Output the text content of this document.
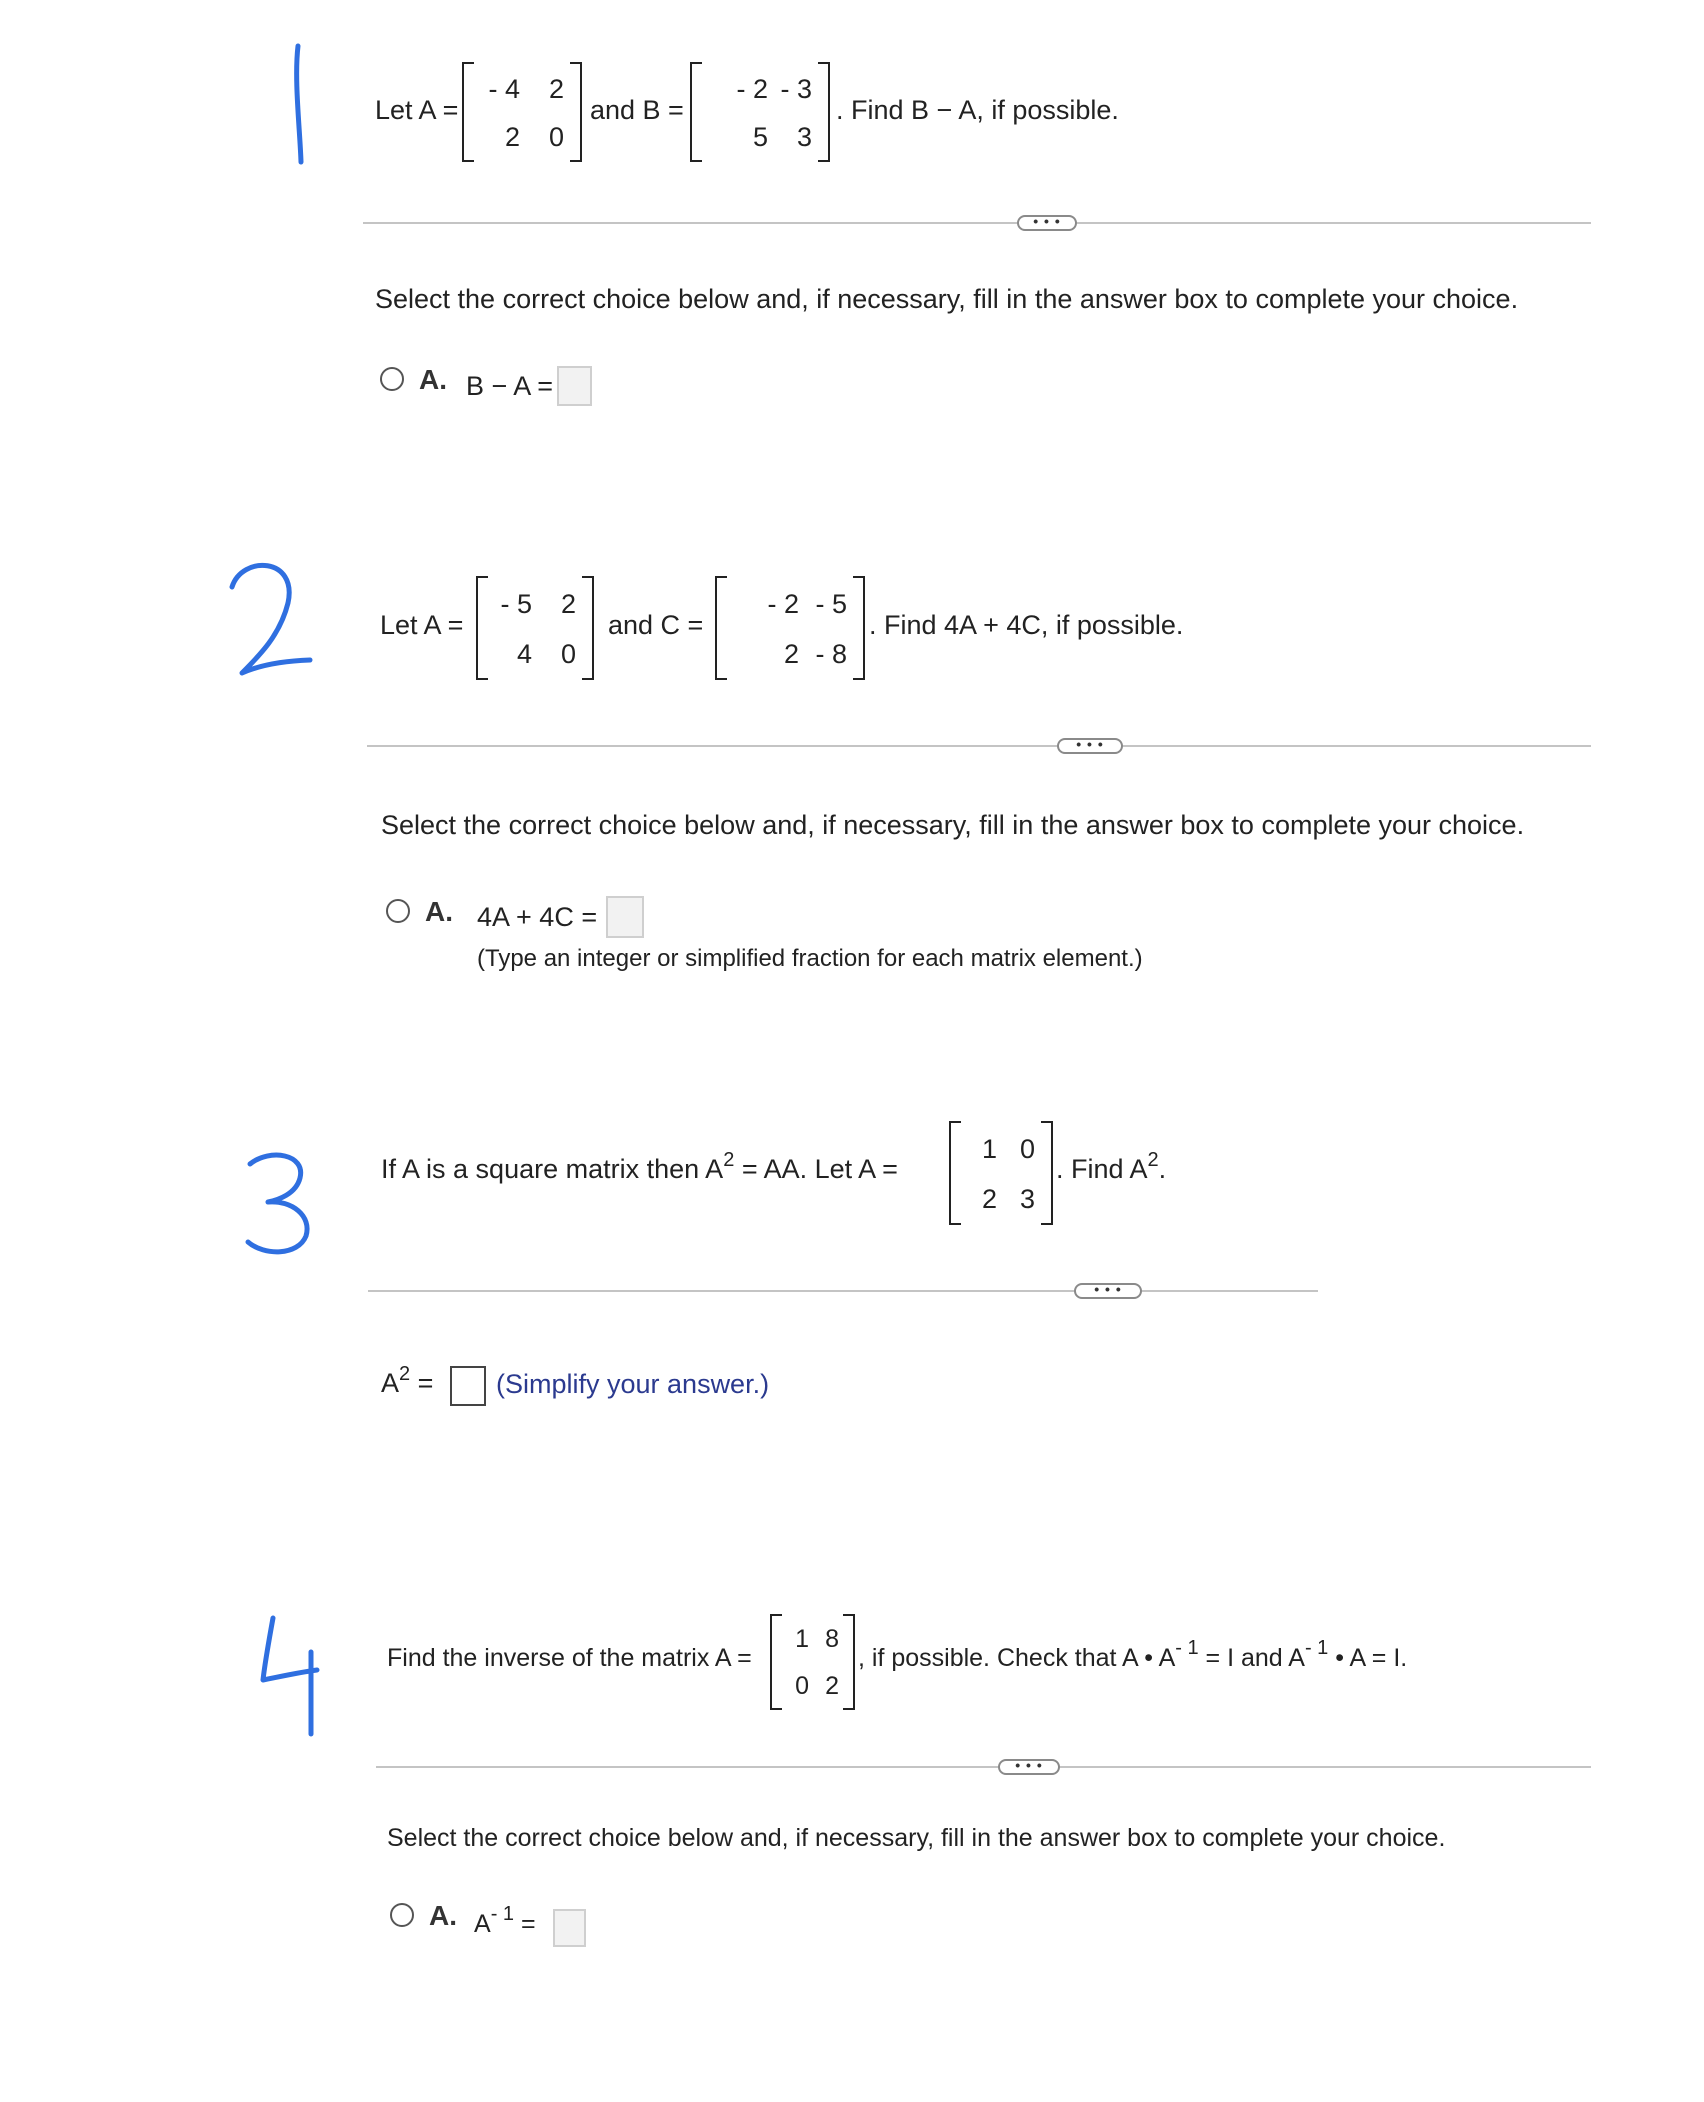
Let A =
- 4 2
2 0
and B =
- 2 - 3
5 3
. Find B − A, if possible.
• • •
Select the correct choice below and, if necessary, fill in the answer box to complete your choice.
A. B − A =
Let A =
- 5 2
4 0
and C =
- 2 - 5
2 - 8
. Find 4A + 4C, if possible.
• • •
Select the correct choice below and, if necessary, fill in the answer box to complete your choice.
A. 4A + 4C =
(Type an integer or simplified fraction for each matrix element.)
If A is a square matrix then $A^2$ = AA. Let A =
1 0
2 3
. Find $A^2$.
• • •
$A^2$ = (Simplify your answer.)
Find the inverse of the matrix A =
1 8
0 2
, if possible. Check that A • $A^{- 1} = I$ and $A^{- 1}$ • A = I.
• • •
Select the correct choice below and, if necessary, fill in the answer box to complete your choice.
A. $A^{- 1}$ =
